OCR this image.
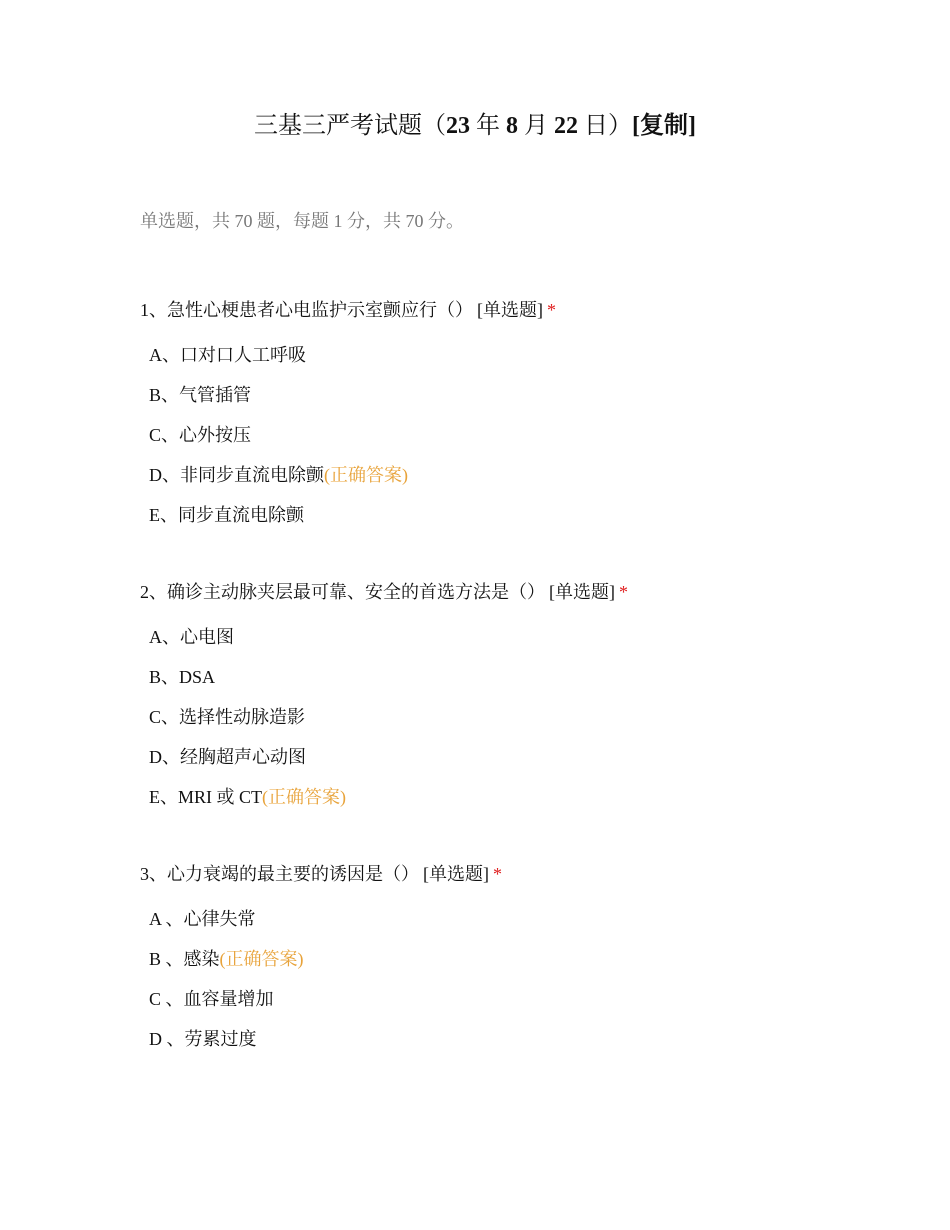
三基三严考试题（23 年 8 月 22 日）[复制]
单选题，共 70 题，每题 1 分，共 70 分。
1、急性心梗患者心电监护示室颤应行（） [单选题] *
A、口对口人工呼吸
B、气管插管
C、心外按压
D、非同步直流电除颤(正确答案)
E、同步直流电除颤
2、确诊主动脉夹层最可靠、安全的首选方法是（） [单选题] *
A、心电图
B、DSA
C、选择性动脉造影
D、经胸超声心动图
E、MRI 或 CT(正确答案)
3、心力衰竭的最主要的诱因是（） [单选题] *
A 、心律失常
B 、感染(正确答案)
C 、血容量增加
D 、劳累过度
